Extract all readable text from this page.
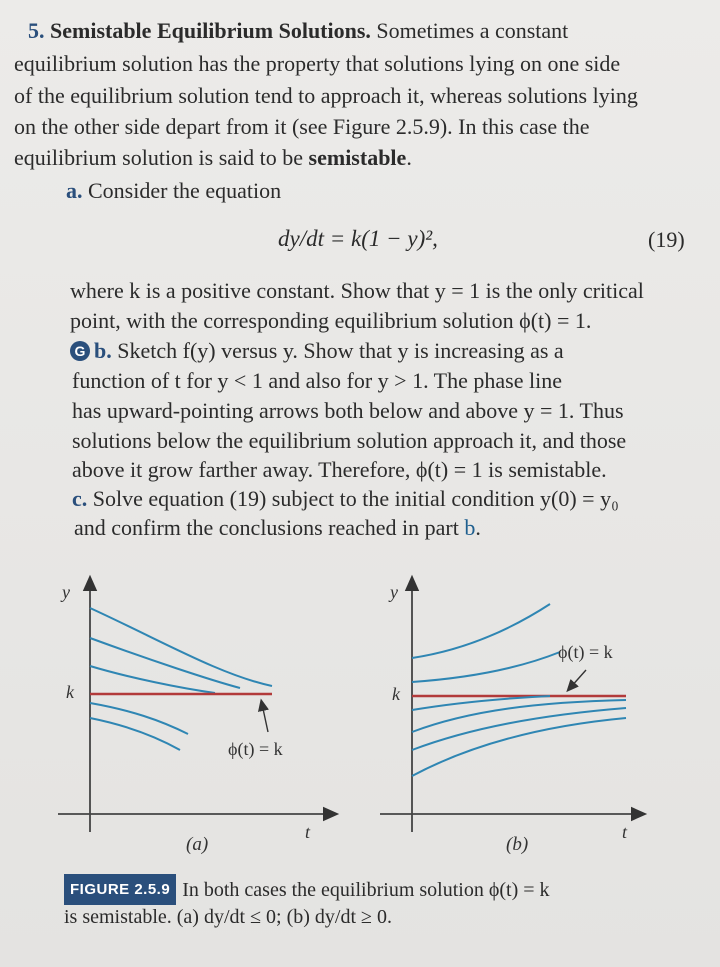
5. Semistable Equilibrium Solutions. Sometimes a constant
equilibrium solution has the property that solutions lying on one side
of the equilibrium solution tend to approach it, whereas solutions lying
on the other side depart from it (see Figure 2.5.9). In this case the
equilibrium solution is said to be semistable.
a. Consider the equation
dy/dt = k(1 − y)²,	(19)
where k is a positive constant. Show that y = 1 is the only critical
point, with the corresponding equilibrium solution ϕ(t) = 1.
G b. Sketch f(y) versus y. Show that y is increasing as a
function of t for y < 1 and also for y > 1. The phase line
has upward-pointing arrows both below and above y = 1. Thus
solutions below the equilibrium solution approach it, and those
above it grow farther away. Therefore, ϕ(t) = 1 is semistable.
c. Solve equation (19) subject to the initial condition y(0) = y₀
and confirm the conclusions reached in part b.
y
t
k
ϕ(t) = k
(a)
y
t
k
ϕ(t) = k
(b)
FIGURE 2.5.9 In both cases the equilibrium solution ϕ(t) = k
is semistable. (a) dy/dt ≤ 0; (b) dy/dt ≥ 0.
